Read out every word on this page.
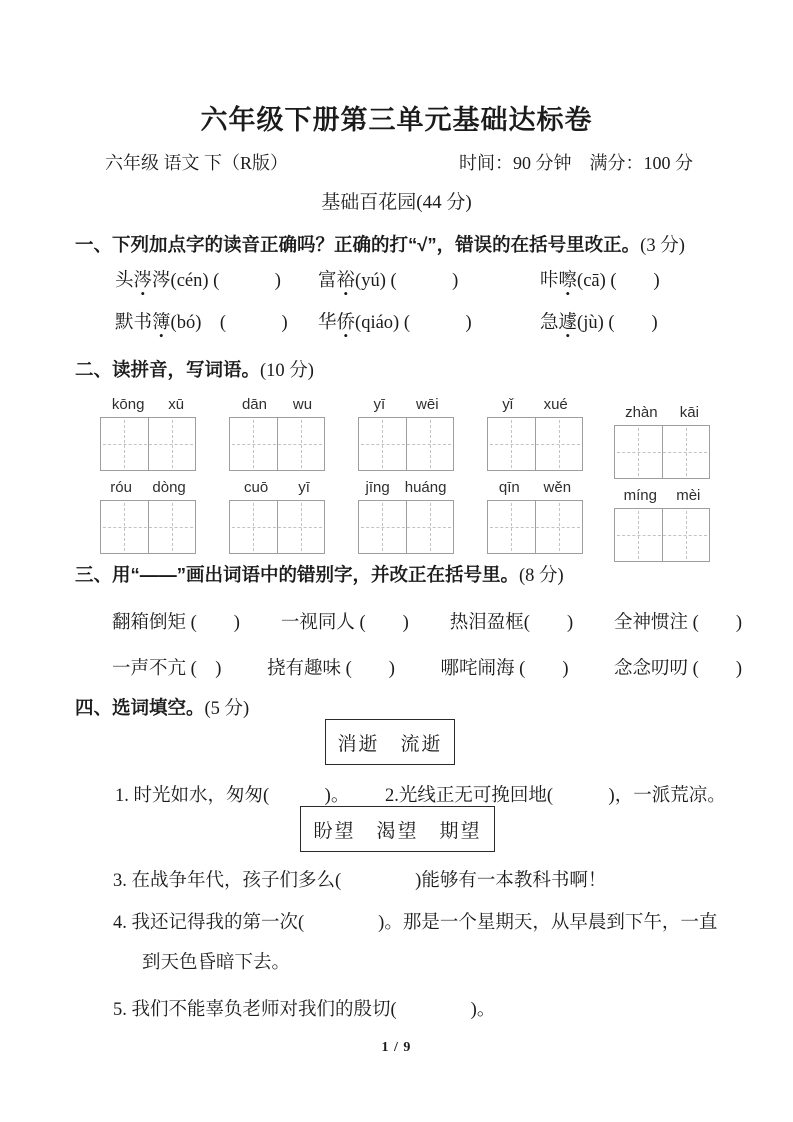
六年级下册第三单元基础达标卷
六年级 语文 下（R版）	时间：90 分钟　满分：100 分
基础百花园(44 分)
一、下列加点字的读音正确吗？正确的打“√”，错误的在括号里改正。(3 分)
头涔涔(cén) (　　　) 富裕(yú) (　　　)	咔嚓(cā) (　　)
默书簿(bó)　(　　　) 华侨(qiáo) (　　　)	急遽(jù) (　　)
二、读拼音，写词语。(10 分)
kōng xū	dān wu	yī wēi	yǐ xué	zhàn kāi
róu dòng	cuō yī	jīng huáng	qīn wěn	míng mèi
三、用“——”画出词语中的错别字，并改正在括号里。(8 分)
翻箱倒矩 (　　) 一视同人 (　　) 热泪盈框(　　) 全神惯注 (　　)
一声不亢 (　) 挠有趣味 (　　) 哪咤闹海 (　　) 念念叨叨 (　　)
四、选词填空。(5 分)
消逝　流逝
1. 时光如水，匆匆(　　　)。 2.光线正无可挽回地(　　　)，一派荒凉。
盼望　渴望　期望
3. 在战争年代，孩子们多么(　　　　)能够有一本教科书啊！
4. 我还记得我的第一次(　　　　)。那是一个星期天，从早晨到下午，一直
到天色昏暗下去。
5. 我们不能辜负老师对我们的殷切(　　　　)。
1 / 9
